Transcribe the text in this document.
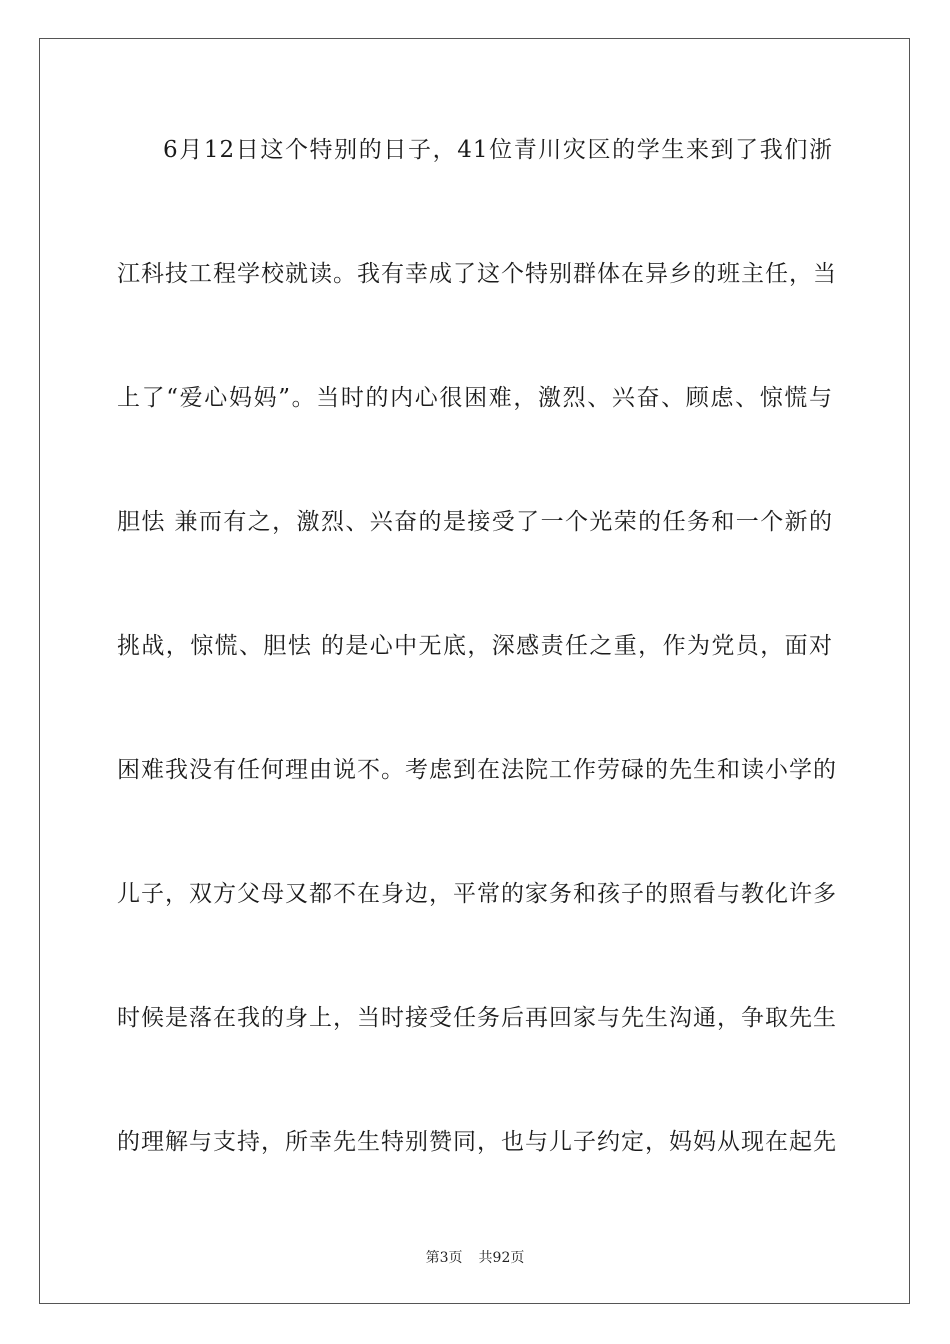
6月12日这个特别的日子，41位青川灾区的学生来到了我们浙
江科技工程学校就读。我有幸成了这个特别群体在异乡的班主任，当
上了“爱心妈妈”。当时的内心很困难，激烈、兴奋、顾虑、惊慌与
胆怯 兼而有之，激烈、兴奋的是接受了一个光荣的任务和一个新的
挑战，惊慌、胆怯 的是心中无底，深感责任之重，作为党员，面对
困难我没有任何理由说不。考虑到在法院工作劳碌的先生和读小学的
儿子，双方父母又都不在身边，平常的家务和孩子的照看与教化许多
时候是落在我的身上，当时接受任务后再回家与先生沟通，争取先生
的理解与支持，所幸先生特别赞同，也与儿子约定，妈妈从现在起先
第3页 共92页
